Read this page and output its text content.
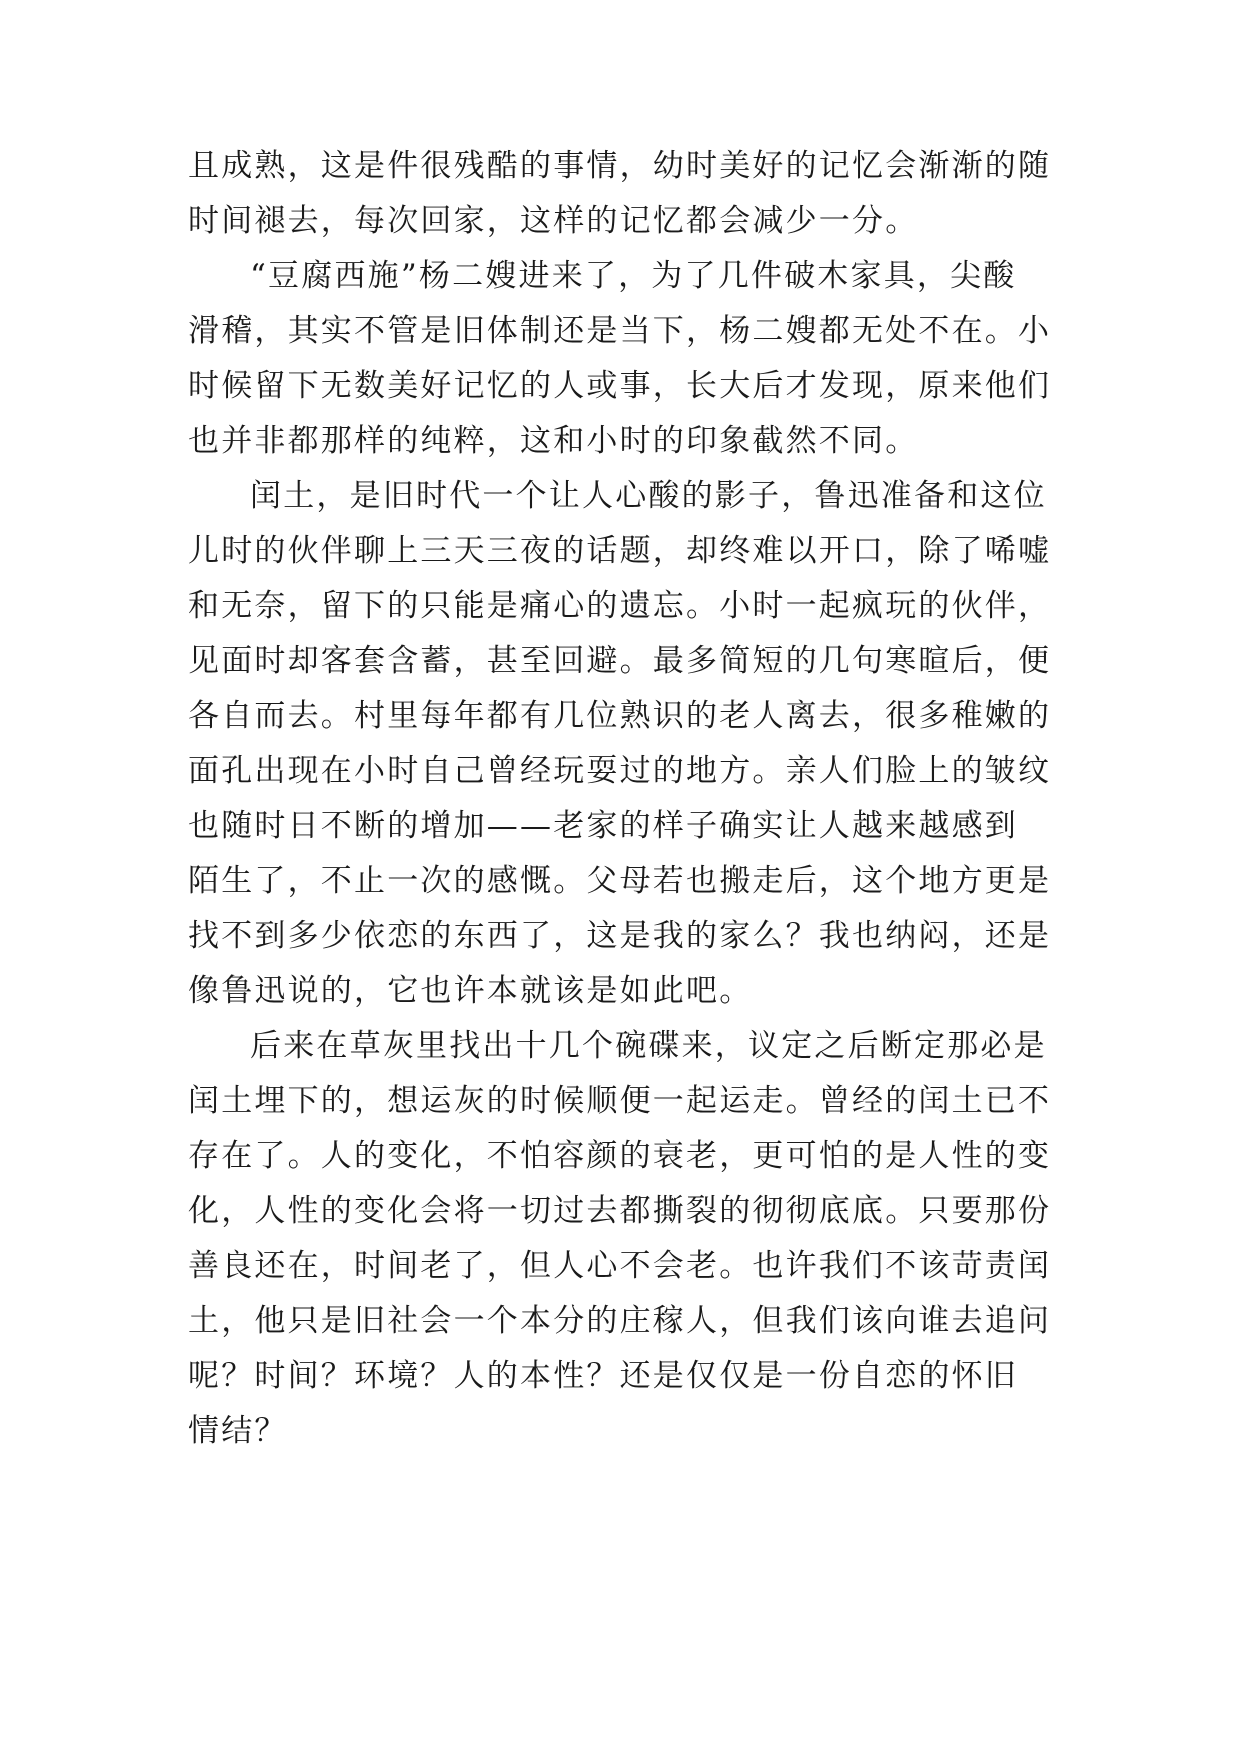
且成熟，这是件很残酷的事情，幼时美好的记忆会渐渐的随
时间褪去，每次回家，这样的记忆都会减少一分。
“豆腐西施”杨二嫂进来了，为了几件破木家具，尖酸
滑稽，其实不管是旧体制还是当下，杨二嫂都无处不在。小
时候留下无数美好记忆的人或事，长大后才发现，原来他们
也并非都那样的纯粹，这和小时的印象截然不同。
闰土，是旧时代一个让人心酸的影子，鲁迅准备和这位
儿时的伙伴聊上三天三夜的话题，却终难以开口，除了唏嘘
和无奈，留下的只能是痛心的遗忘。小时一起疯玩的伙伴，
见面时却客套含蓄，甚至回避。最多简短的几句寒暄后，便
各自而去。村里每年都有几位熟识的老人离去，很多稚嫩的
面孔出现在小时自己曾经玩耍过的地方。亲人们脸上的皱纹
也随时日不断的增加——老家的样子确实让人越来越感到
陌生了，不止一次的感慨。父母若也搬走后，这个地方更是
找不到多少依恋的东西了，这是我的家么？我也纳闷，还是
像鲁迅说的，它也许本就该是如此吧。
后来在草灰里找出十几个碗碟来，议定之后断定那必是
闰土埋下的，想运灰的时候顺便一起运走。曾经的闰土已不
存在了。人的变化，不怕容颜的衰老，更可怕的是人性的变
化，人性的变化会将一切过去都撕裂的彻彻底底。只要那份
善良还在，时间老了，但人心不会老。也许我们不该苛责闰
土，他只是旧社会一个本分的庄稼人，但我们该向谁去追问
呢？时间？环境？人的本性？还是仅仅是一份自恋的怀旧
情结？
